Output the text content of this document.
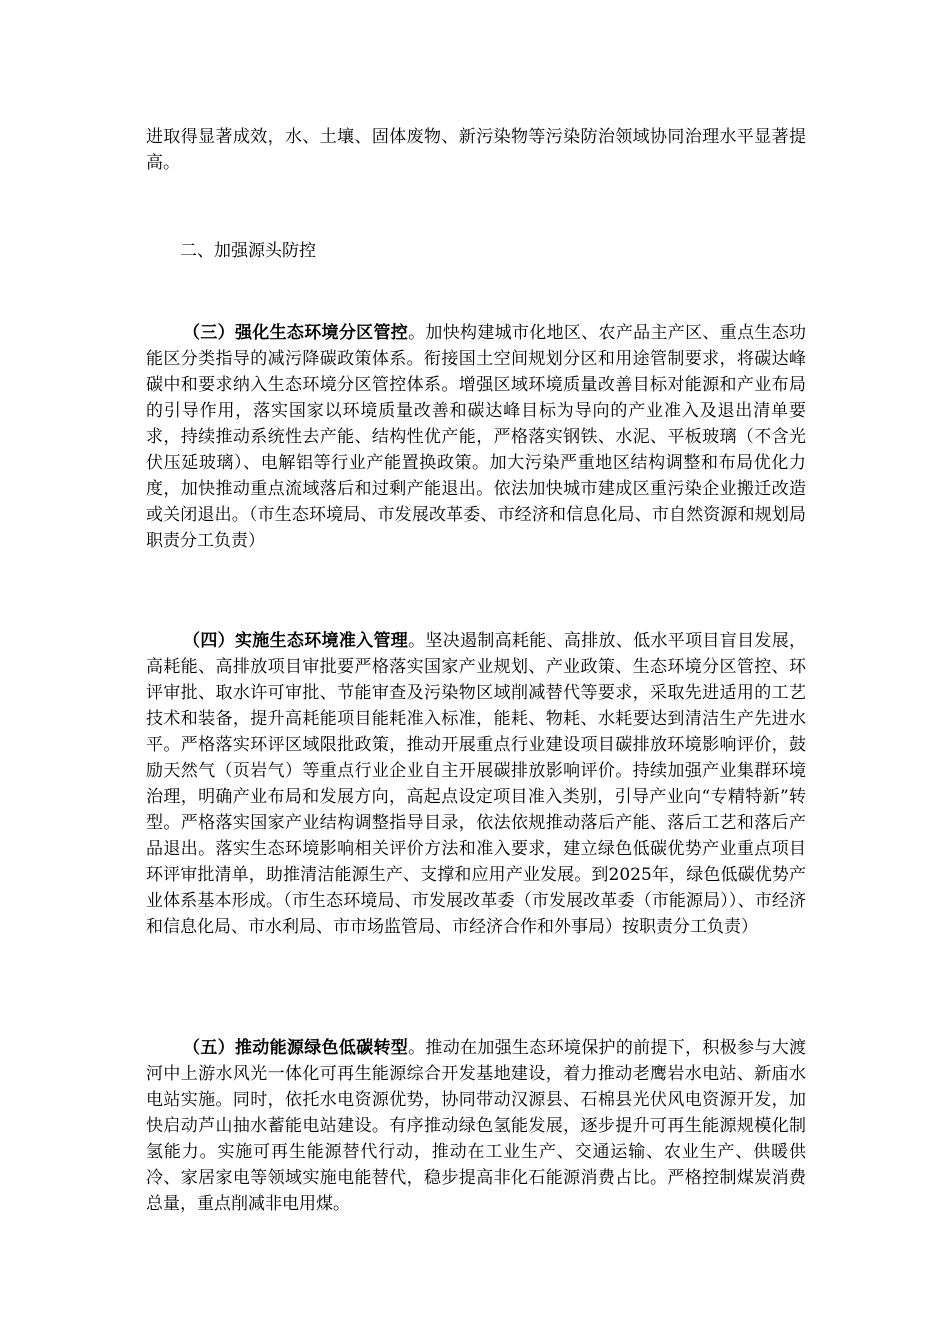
进取得显著成效，水、土壤、固体废物、新污染物等污染防治领域协同治理水平显著提高。

二、加强源头防控

（三）强化生态环境分区管控。加快构建城市化地区、农产品主产区、重点生态功能区分类指导的减污降碳政策体系。衔接国土空间规划分区和用途管制要求，将碳达峰碳中和要求纳入生态环境分区管控体系。增强区域环境质量改善目标对能源和产业布局的引导作用，落实国家以环境质量改善和碳达峰目标为导向的产业准入及退出清单要求，持续推动系统性去产能、结构性优产能，严格落实钢铁、水泥、平板玻璃（不含光伏压延玻璃）、电解铝等行业产能置换政策。加大污染严重地区结构调整和布局优化力度，加快推动重点流域落后和过剩产能退出。依法加快城市建成区重污染企业搬迁改造或关闭退出。（市生态环境局、市发展改革委、市经济和信息化局、市自然资源和规划局职责分工负责）

（四）实施生态环境准入管理。坚决遏制高耗能、高排放、低水平项目盲目发展，高耗能、高排放项目审批要严格落实国家产业规划、产业政策、生态环境分区管控、环评审批、取水许可审批、节能审查及污染物区域削减替代等要求，采取先进适用的工艺技术和装备，提升高耗能项目能耗准入标准，能耗、物耗、水耗要达到清洁生产先进水平。严格落实环评区域限批政策，推动开展重点行业建设项目碳排放环境影响评价，鼓励天然气（页岩气）等重点行业企业自主开展碳排放影响评价。持续加强产业集群环境治理，明确产业布局和发展方向，高起点设定项目准入类别，引导产业向“专精特新”转型。严格落实国家产业结构调整指导目录，依法依规推动落后产能、落后工艺和落后产品退出。落实生态环境影响相关评价方法和准入要求，建立绿色低碳优势产业重点项目环评审批清单，助推清洁能源生产、支撑和应用产业发展。到2025年，绿色低碳优势产业体系基本形成。（市生态环境局、市发展改革委（市发展改革委（市能源局））、市经济和信息化局、市水利局、市市场监管局、市经济合作和外事局）按职责分工负责）

（五）推动能源绿色低碳转型。推动在加强生态环境保护的前提下，积极参与大渡河中上游水风光一体化可再生能源综合开发基地建设，着力推动老鹰岩水电站、新庙水电站实施。同时，依托水电资源优势，协同带动汉源县、石棉县光伏风电资源开发，加快启动芦山抽水蓄能电站建设。有序推动绿色氢能发展，逐步提升可再生能源规模化制氢能力。实施可再生能源替代行动，推动在工业生产、交通运输、农业生产、供暖供冷、家居家电等领域实施电能替代，稳步提高非化石能源消费占比。严格控制煤炭消费总量，重点削减非电用煤。
